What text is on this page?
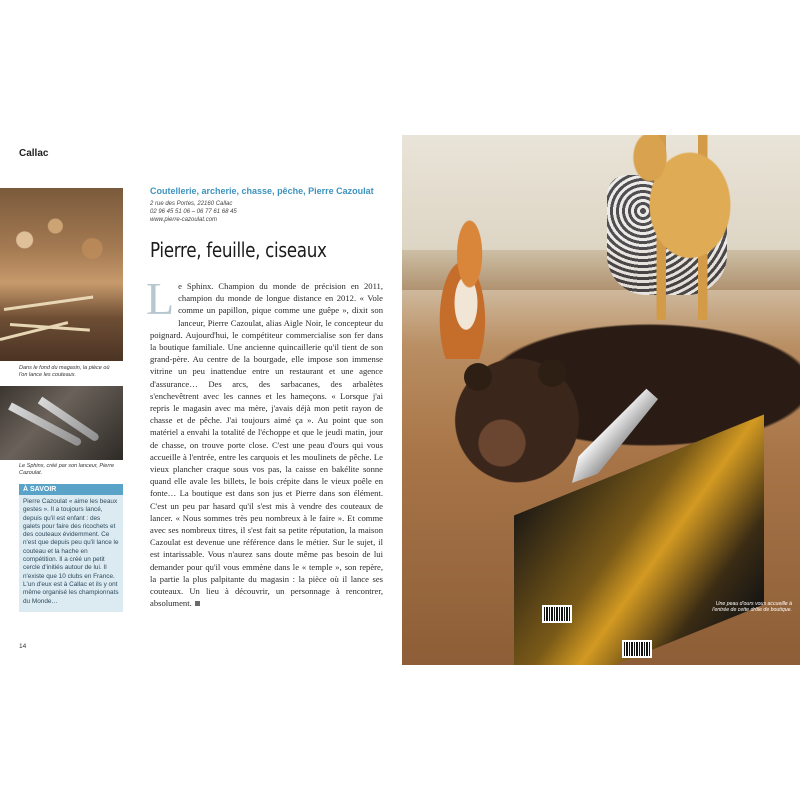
Callac
Dans le fond du magasin, la pièce où l'on lance les couteaux.
Le Sphinx, créé par son lanceur, Pierre Cazoulat.
À SAVOIR
Pierre Cazoulat « aime les beaux gestes ». Il a toujours lancé, depuis qu'il est enfant : des galets pour faire des ricochets et des couteaux évidemment. Ce n'est que depuis peu qu'il lance le couteau et la hache en compétition. Il a créé un petit cercle d'initiés autour de lui. Il n'existe que 10 clubs en France. L'un d'eux est à Callac et ils y ont même organisé les championnats du Monde…
14
Coutellerie, archerie, chasse, pêche, Pierre Cazoulat
2 rue des Portes, 22160 Callac
02 96 45 51 06 – 06 77 61 68 45
www.pierre-cazoulat.com
Pierre, feuille, ciseaux
Le Sphinx. Champion du monde de précision en 2011, champion du monde de longue distance en 2012. « Vole comme un papillon, pique comme une guêpe », dixit son lanceur, Pierre Cazoulat, alias Aigle Noir, le concepteur du poignard. Aujourd'hui, le compétiteur commercialise son fer dans la boutique familiale. Une ancienne quincaillerie qu'il tient de son grand-père. Au centre de la bourgade, elle impose son immense vitrine un peu inattendue entre un restaurant et une agence d'assurance… Des arcs, des sarbacanes, des arbalètes s'enchevêtrent avec les cannes et les hameçons. « Lorsque j'ai repris le magasin avec ma mère, j'avais déjà mon petit rayon de chasse et de pêche. J'ai toujours aimé ça ». Au point que son matériel a envahi la totalité de l'échoppe et que le jeudi matin, jour de chasse, on trouve porte close. C'est une peau d'ours qui vous accueille à l'entrée, entre les carquois et les moulinets de pêche. Le vieux plancher craque sous vos pas, la caisse en bakélite sonne quand elle avale les billets, le bois crépite dans le vieux poêle en fonte… La boutique est dans son jus et Pierre dans son élément. C'est un peu par hasard qu'il s'est mis à vendre des couteaux de lancer. « Nous sommes très peu nombreux à le faire ». Et comme avec ses nombreux titres, il s'est fait sa petite réputation, la maison Cazoulat est devenue une référence dans le métier. Sur le sujet, il est intarissable. Vous n'aurez sans doute même pas besoin de lui demander pour qu'il vous emmène dans le « temple », son repère, la partie la plus palpitante du magasin : la pièce où il lance ses couteaux. Un lieu à découvrir, un personnage à rencontrer, absolument.	Une peau d'ours vous accueille à l'entrée de cette drôle de boutique.
